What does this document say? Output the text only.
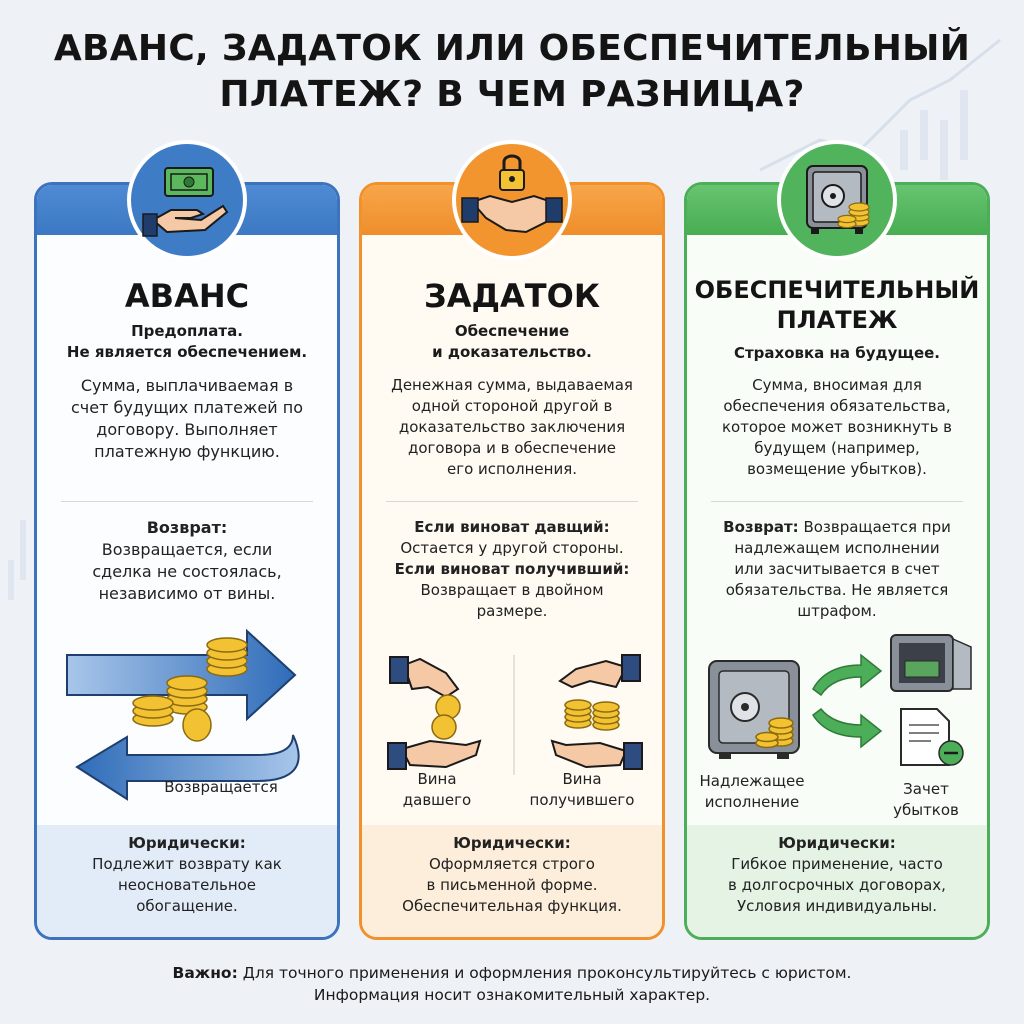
АВАНС, ЗАДАТОК ИЛИ ОБЕСПЕЧИТЕЛЬНЫЙ
ПЛАТЕЖ? В ЧЕМ РАЗНИЦА?
АВАНС
Предоплата.
Не является обеспечением.
Сумма, выплачиваемая в
счет будущих платежей по
договору. Выполняет
платежную функцию.
Возврат:
Возвращается, если
сделка не состоялась,
независимо от вины.
Возвращается
Юридически:
Подлежит возврату как
неосновательное
обогащение.
ЗАДАТОК
Обеспечение
и доказательство.
Денежная сумма, выдаваемая
одной стороной другой в
доказательство заключения
договора и в обеспечение
его исполнения.
Если виноват давщий:
Остается у другой стороны.
Если виноват получивший:
Возвращает в двойном
размере.
Вина
давшего
Вина
получившего
Юридически:
Оформляется строго
в письменной форме.
Обеспечительная функция.
ОБЕСПЕЧИТЕЛЬНЫЙ
ПЛАТЕЖ
Страховка на будущее.
Сумма, вносимая для
обеспечения обязательства,
которое может возникнуть в
будущем (например,
возмещение убытков).
Возврат: Возвращается при
надлежащем исполнении
или засчитывается в счет
обязательства. Не является
штрафом.
Надлежащее
исполнение
Зачет
убытков
Юридически:
Гибкое применение, часто
в долгосрочных договорах,
Условия индивидуальны.
Важно: Для точного применения и оформления проконсультируйтесь с юристом.
Информация носит ознакомительный характер.
